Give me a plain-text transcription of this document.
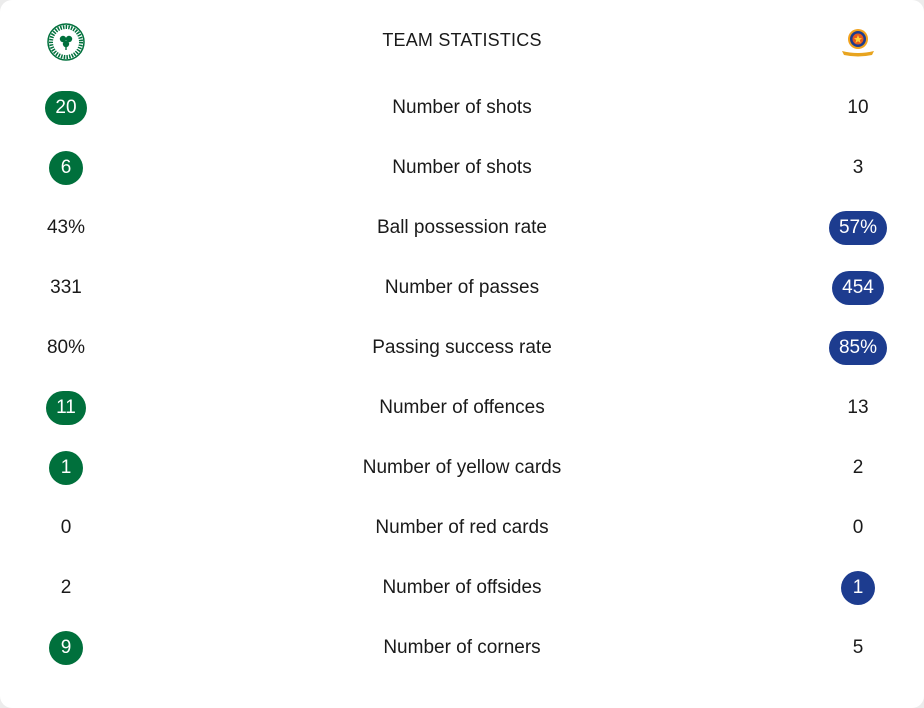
TEAM STATISTICS
20	Number of shots	10
6	Number of shots	3
43%	Ball possession rate	57%
331	Number of passes	454
80%	Passing success rate	85%
11	Number of offences	13
1	Number of yellow cards	2
0	Number of red cards	0
2	Number of offsides	1
9	Number of corners	5
